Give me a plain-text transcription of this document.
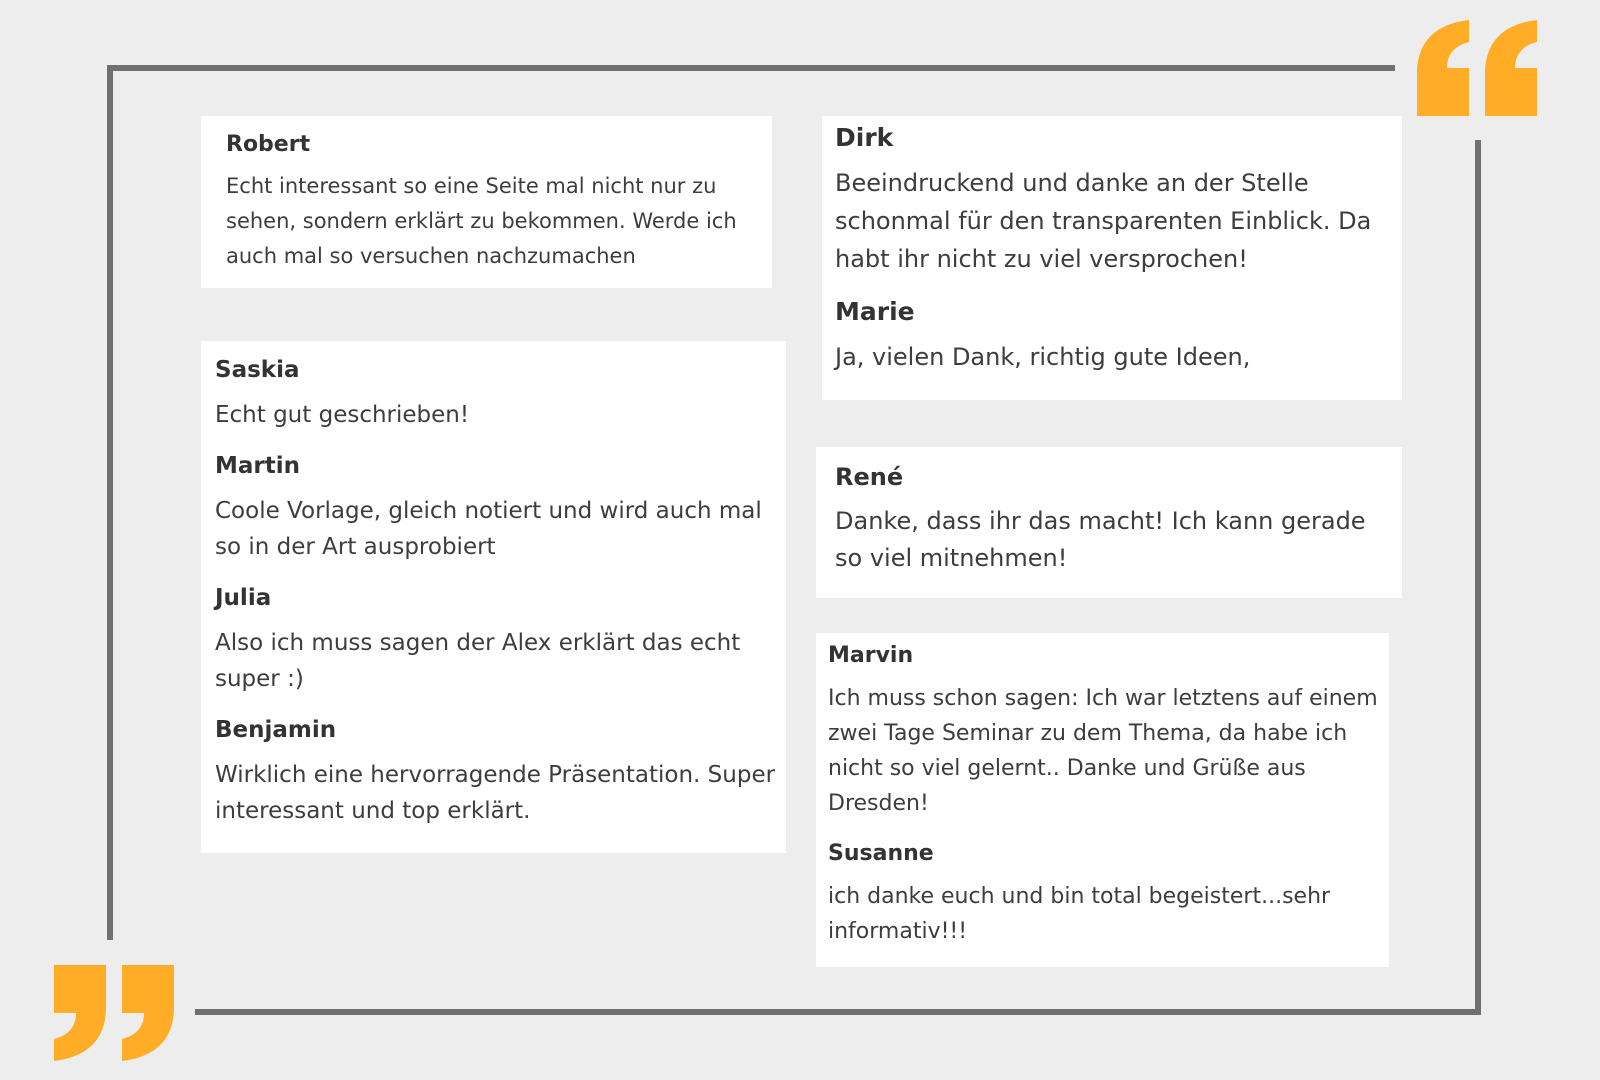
Robert
Echt interessant so eine Seite mal nicht nur zu sehen, sondern erklärt zu bekommen. Werde ich auch mal so versuchen nachzumachen
Saskia
Echt gut geschrieben!
Martin
Coole Vorlage, gleich notiert und wird auch mal so in der Art ausprobiert
Julia
Also ich muss sagen der Alex erklärt das echt super :)
Benjamin
Wirklich eine hervorragende Präsentation. Super interessant und top erklärt.
Dirk
Beeindruckend und danke an der Stelle schonmal für den transparenten Einblick. Da habt ihr nicht zu viel versprochen!
Marie
Ja, vielen Dank, richtig gute Ideen,
René
Danke, dass ihr das macht! Ich kann gerade so viel mitnehmen!
Marvin
Ich muss schon sagen: Ich war letztens auf einem zwei Tage Seminar zu dem Thema, da habe ich nicht so viel gelernt.. Danke und Grüße aus Dresden!
Susanne
ich danke euch und bin total begeistert...sehr informativ!!!
